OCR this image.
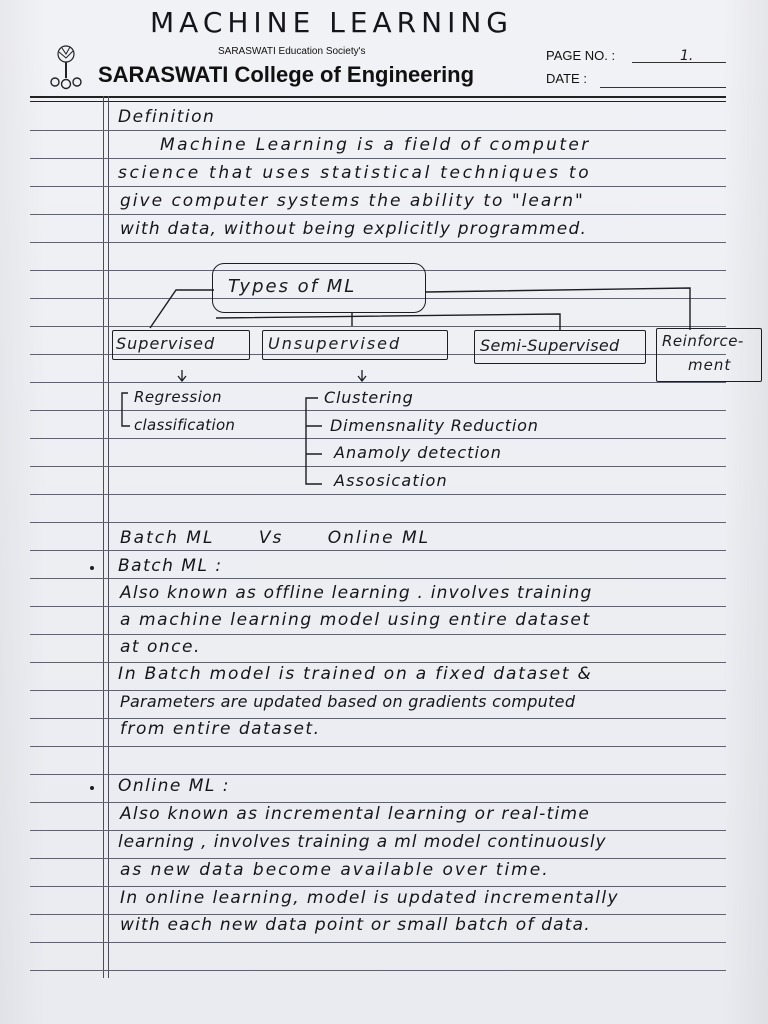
MACHINE LEARNING
SARASWATI Education Society's
SARASWATI College of Engineering
PAGE NO. :	1.
DATE :
Definition
Machine Learning is a field of computer
science that uses statistical techniques to
give computer systems the ability to "learn"
with data, without being explicitly programmed.
Types of ML
Supervised	Unsupervised	Semi-Supervised	Reinforce-
ment
Regression
classification
Clustering
Dimensnality Reduction
Anamoly detection
Assosication
Batch ML      Vs      Online ML
Batch ML :
Also known as offline learning . involves training
a machine learning model using entire dataset
at once.
In Batch model is trained on a fixed dataset &
Parameters are updated based on gradients computed
from entire dataset.
Online ML :
Also known as incremental learning or real-time
learning , involves training a ml model continuously
as new data become available over time.
In online learning, model is updated incrementally
with each new data point or small batch of data.
